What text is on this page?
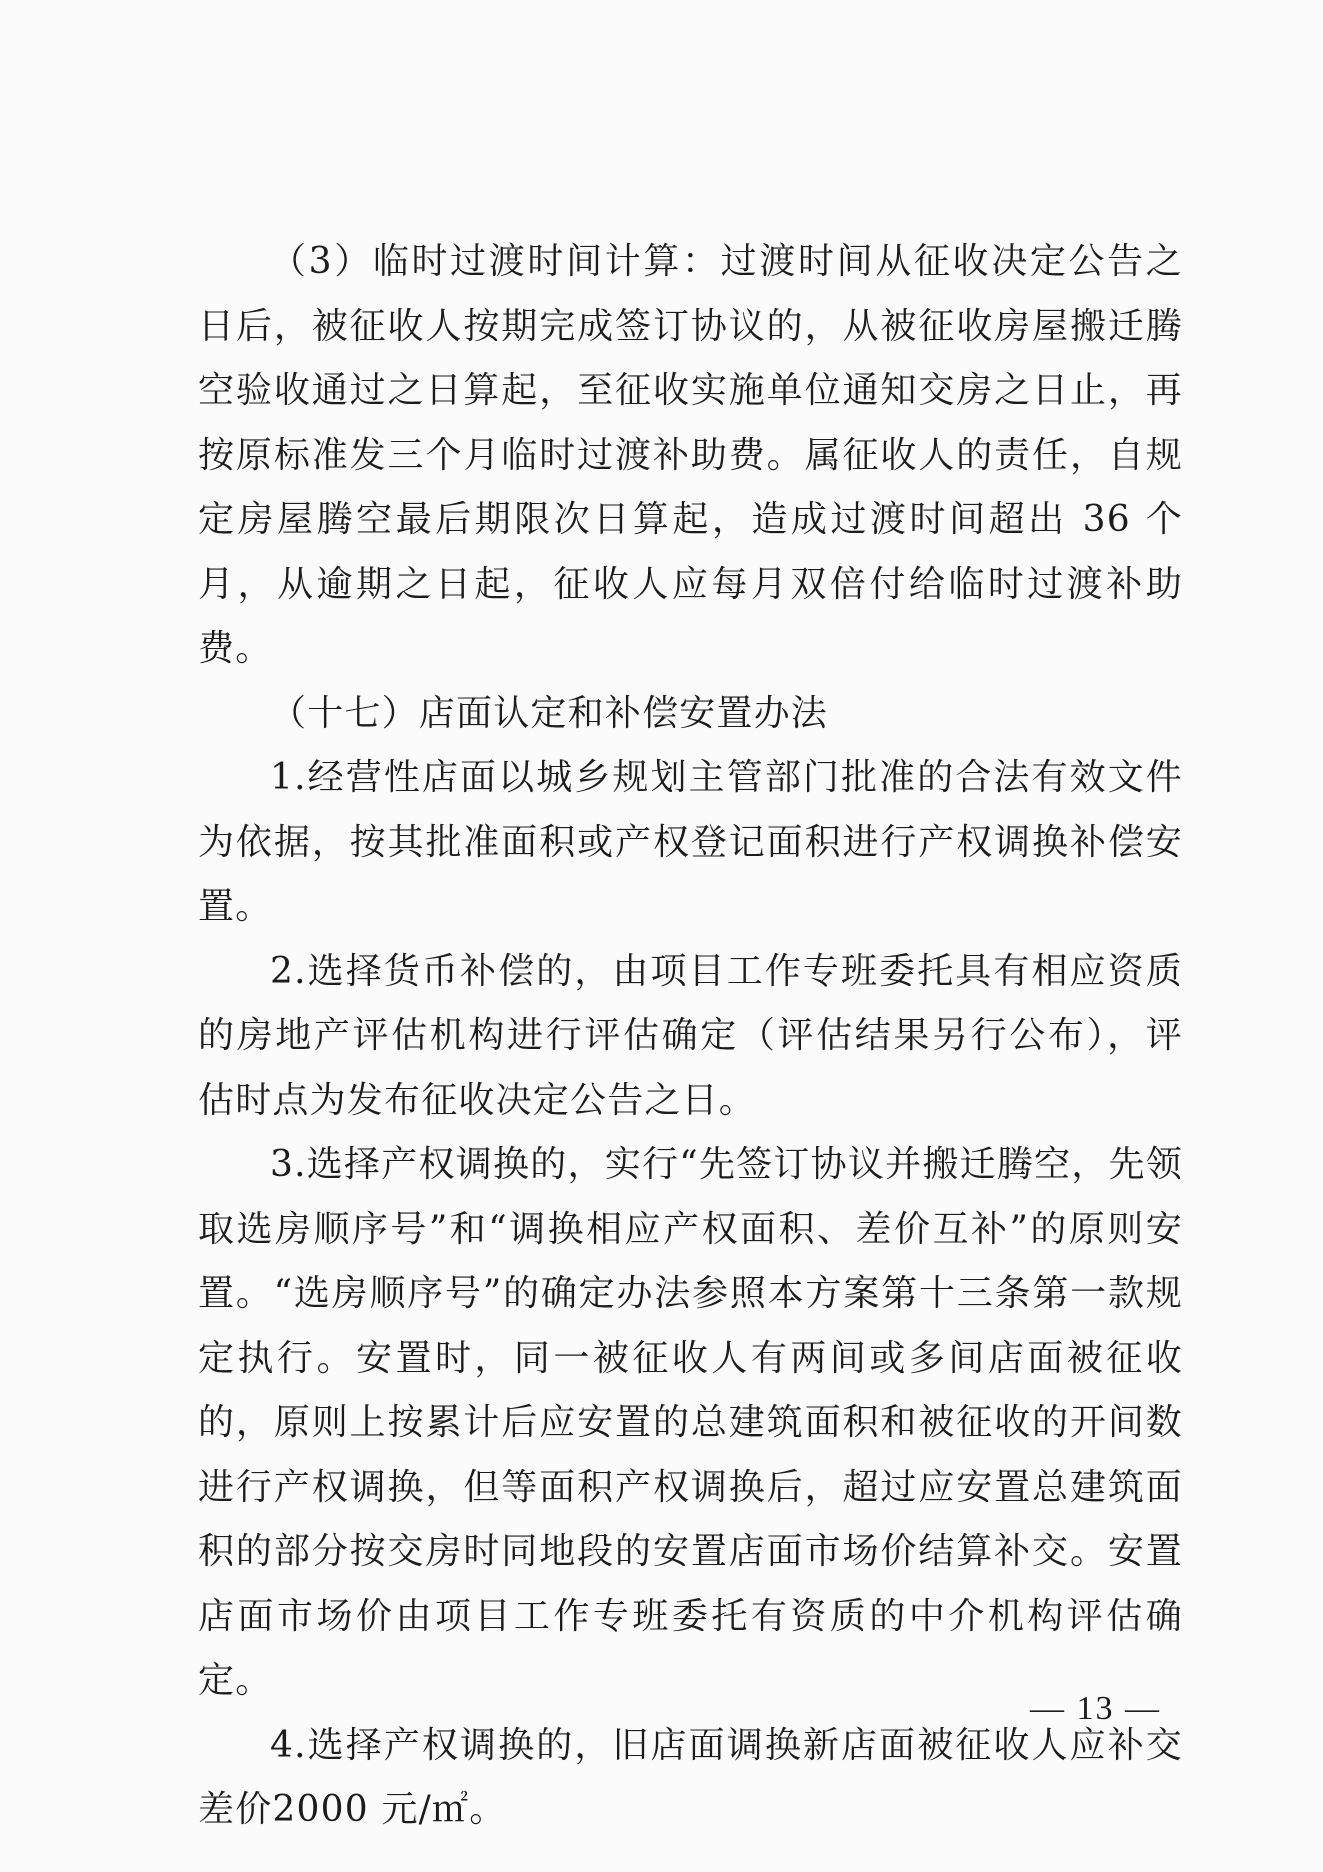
（3）临时过渡时间计算：过渡时间从征收决定公告之日后，被征收人按期完成签订协议的，从被征收房屋搬迁腾空验收通过之日算起，至征收实施单位通知交房之日止，再按原标准发三个月临时过渡补助费。属征收人的责任，自规定房屋腾空最后期限次日算起，造成过渡时间超出 36 个月，从逾期之日起，征收人应每月双倍付给临时过渡补助费。

（十七）店面认定和补偿安置办法

1.经营性店面以城乡规划主管部门批准的合法有效文件为依据，按其批准面积或产权登记面积进行产权调换补偿安置。

2.选择货币补偿的，由项目工作专班委托具有相应资质的房地产评估机构进行评估确定（评估结果另行公布），评估时点为发布征收决定公告之日。

3.选择产权调换的，实行“先签订协议并搬迁腾空，先领取选房顺序号”和“调换相应产权面积、差价互补”的原则安置。“选房顺序号”的确定办法参照本方案第十三条第一款规定执行。安置时，同一被征收人有两间或多间店面被征收的，原则上按累计后应安置的总建筑面积和被征收的开间数进行产权调换，但等面积产权调换后，超过应安置总建筑面积的部分按交房时同地段的安置店面市场价结算补交。安置店面市场价由项目工作专班委托有资质的中介机构评估确定。

4.选择产权调换的，旧店面调换新店面被征收人应补交差价2000 元/㎡。

— 13 —
